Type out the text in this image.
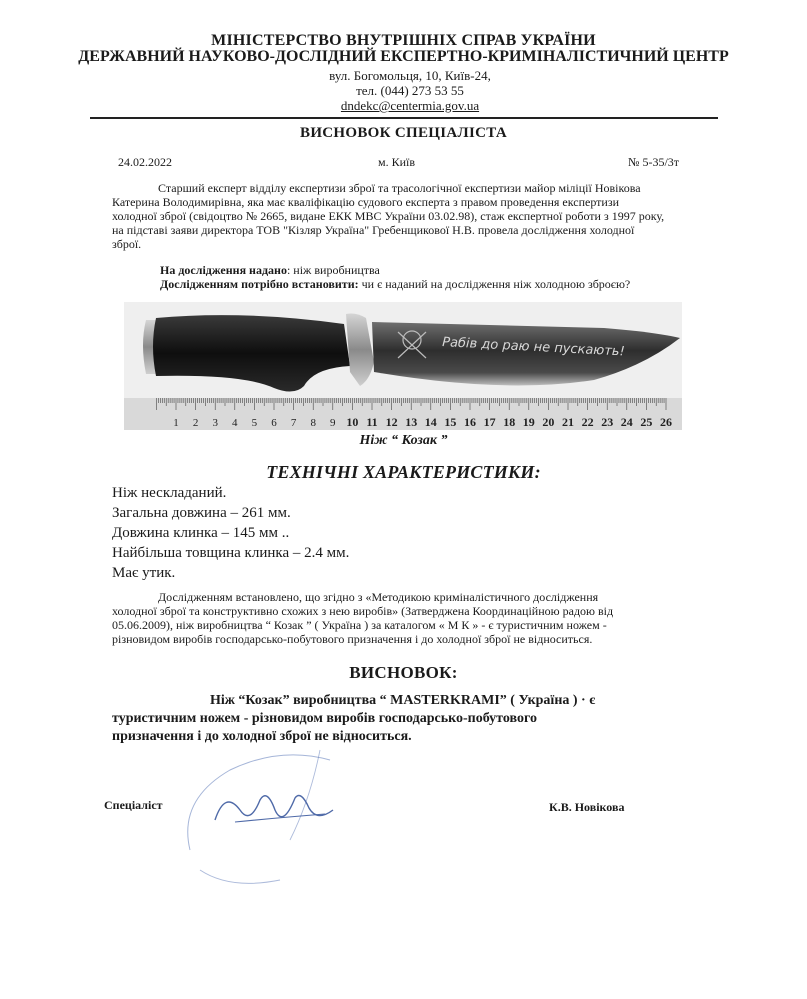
МІНІСТЕРСТВО ВНУТРІШНІХ СПРАВ УКРАЇНИ
ДЕРЖАВНИЙ НАУКОВО-ДОСЛІДНИЙ ЕКСПЕРТНО-КРИМІНАЛІСТИЧНИЙ ЦЕНТР
вул. Богомольця, 10, Київ-24,
тел. (044) 273 53 55
dndekc@centermia.gov.ua
ВИСНОВОК СПЕЦІАЛІСТА
24.02.2022	м. Київ	№ 5-35/3т
Старший експерт відділу експертизи зброї та трасологічної експертизи майор міліції Новікова
Катерина Володимирівна, яка має кваліфікацію судового експерта з правом проведення експертизи
холодної зброї (свідоцтво № 2665, видане ЕКК МВС України 03.02.98), стаж експертної роботи з 1997 року,
на підставі заяви директора ТОВ "Кізляр Україна" Гребенщикової Н.В. провела дослідження холодної
зброї.
На дослідження надано: ніж виробництва
Дослідженням потрібно встановити: чи є наданий на дослідження ніж холодною зброєю?
Рабів до раю не пускають!
1 2 3 4 5 6 7 8 9 10 11 12 13 14 15 16 17 18 19 20 21 22 23 24 25 26
Ніж “ Козак ”
ТЕХНІЧНІ ХАРАКТЕРИСТИКИ:
Ніж нескладаний.
Загальна довжина – 261 мм.
Довжина клинка – 145 мм ..
Найбільша товщина клинка – 2.4 мм.
Має утик.
Дослідженням встановлено, що згідно з «Методикою криміналістичного дослідження
холодної зброї та конструктивно схожих з нею виробів» (Затверджена Координаційною радою від
05.06.2009), ніж виробництва “ Козак ” ( Україна ) за каталогом « М К » - є туристичним ножем -
різновидом виробів господарсько-побутового призначення і до холодної зброї не відноситься.
ВИСНОВОК:
Ніж “Козак” виробництва “ MASTERKRAMI” ( Україна ) · є
туристичним ножем - різновидом виробів господарсько-побутового
призначення і до холодної зброї не відноситься.
Спеціаліст	К.В. Новікова
